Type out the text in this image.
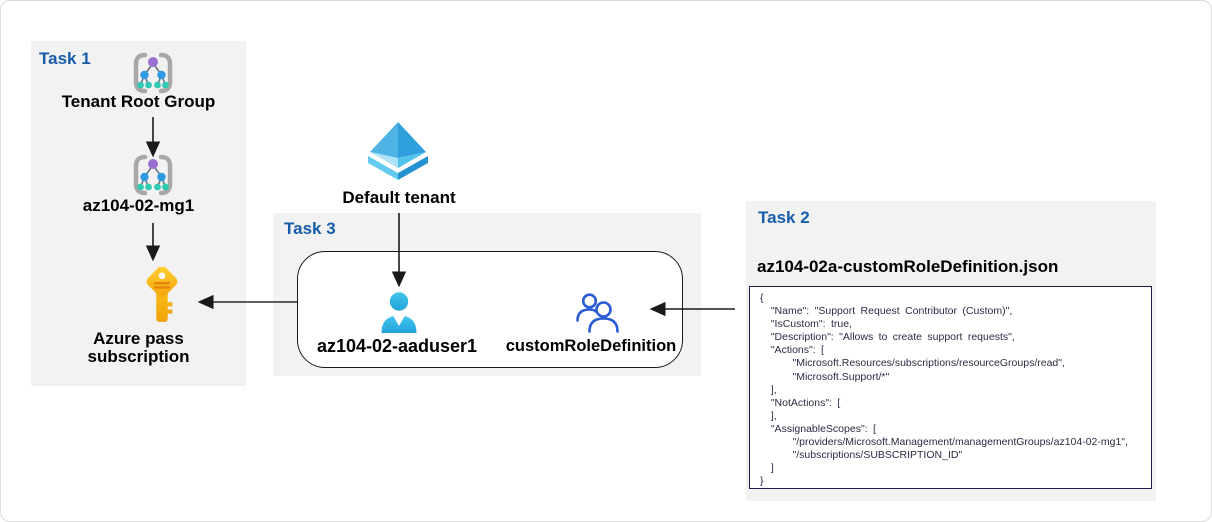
Task 1
Tenant Root Group
az104-02-mg1
Azure pass subscription
Default tenant
Task 3
az104-02-aaduser1	customRoleDefinition
Task 2
az104-02a-customRoleDefinition.json
{
"Name": "Support Request Contributor (Custom)",
"IsCustom": true,
"Description": "Allows to create support requests",
"Actions": [
"Microsoft.Resources/subscriptions/resourceGroups/read",
"Microsoft.Support/*"
],
"NotActions": [
],
"AssignableScopes": [
"/providers/Microsoft.Management/managementGroups/az104-02-mg1",
"/subscriptions/SUBSCRIPTION_ID"
]
}
